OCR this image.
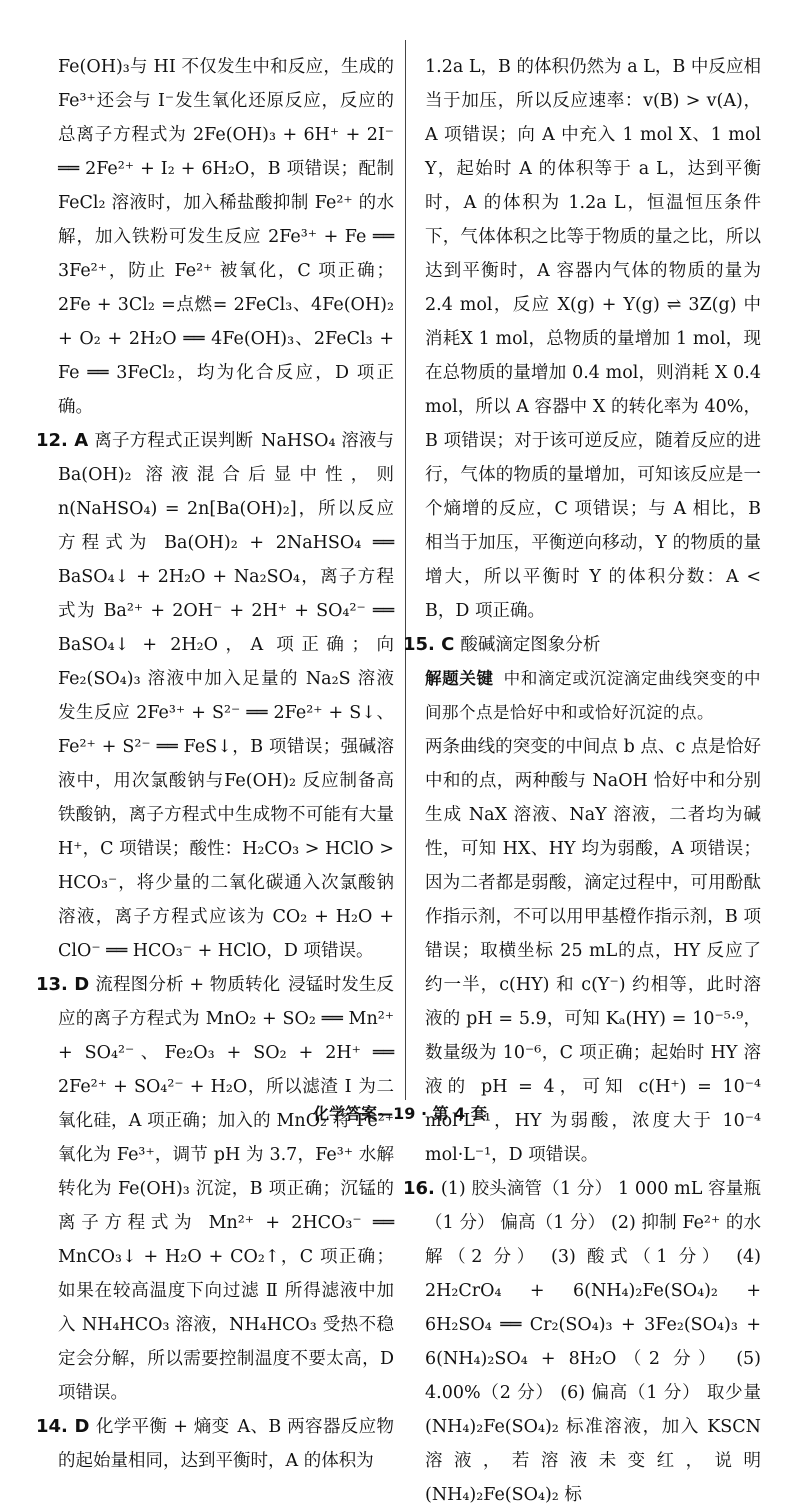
Fe(OH)₃与 HI 不仅发生中和反应，生成的 Fe³⁺还会与 I⁻发生氧化还原反应，反应的总离子方程式为 2Fe(OH)₃ + 6H⁺ + 2I⁻ ══ 2Fe²⁺ + I₂ + 6H₂O，B 项错误；配制 FeCl₂ 溶液时，加入稀盐酸抑制 Fe²⁺ 的水解，加入铁粉可发生反应 2Fe³⁺ + Fe ══ 3Fe²⁺，防止 Fe²⁺ 被氧化，C 项正确；2Fe + 3Cl₂ =点燃= 2FeCl₃、4Fe(OH)₂ + O₂ + 2H₂O ══ 4Fe(OH)₃、2FeCl₃ + Fe ══ 3FeCl₂，均为化合反应，D 项正确。

12. A 离子方程式正误判断 NaHSO₄ 溶液与 Ba(OH)₂ 溶液混合后显中性，则 n(NaHSO₄) = 2n[Ba(OH)₂]，所以反应方程式为 Ba(OH)₂ + 2NaHSO₄ ══ BaSO₄↓ + 2H₂O + Na₂SO₄，离子方程式为 Ba²⁺ + 2OH⁻ + 2H⁺ + SO₄²⁻ ══ BaSO₄↓ + 2H₂O，A 项正确；向 Fe₂(SO₄)₃ 溶液中加入足量的 Na₂S 溶液发生反应 2Fe³⁺ + S²⁻ ══ 2Fe²⁺ + S↓、Fe²⁺ + S²⁻ ══ FeS↓，B 项错误；强碱溶液中，用次氯酸钠与Fe(OH)₂ 反应制备高铁酸钠，离子方程式中生成物不可能有大量 H⁺，C 项错误；酸性：H₂CO₃ > HClO > HCO₃⁻，将少量的二氧化碳通入次氯酸钠溶液，离子方程式应该为 CO₂ + H₂O + ClO⁻ ══ HCO₃⁻ + HClO，D 项错误。

13. D 流程图分析 + 物质转化 浸锰时发生反应的离子方程式为 MnO₂ + SO₂ ══ Mn²⁺ + SO₄²⁻、Fe₂O₃ + SO₂ + 2H⁺ ══ 2Fe²⁺ + SO₄²⁻ + H₂O，所以滤渣 Ⅰ 为二氧化硅，A 项正确；加入的 MnO₂ 将 Fe²⁺ 氧化为 Fe³⁺，调节 pH 为 3.7，Fe³⁺ 水解转化为 Fe(OH)₃ 沉淀，B 项正确；沉锰的离子方程式为 Mn²⁺ + 2HCO₃⁻ ══ MnCO₃↓ + H₂O + CO₂↑，C 项正确；如果在较高温度下向过滤 Ⅱ 所得滤液中加入 NH₄HCO₃ 溶液，NH₄HCO₃ 受热不稳定会分解，所以需要控制温度不要太高，D 项错误。

14. D 化学平衡 + 熵变 A、B 两容器反应物的起始量相同，达到平衡时，A 的体积为

1.2a L，B 的体积仍然为 a L，B 中反应相当于加压，所以反应速率：v(B) > v(A)，A 项错误；向 A 中充入 1 mol X、1 mol Y，起始时 A 的体积等于 a L，达到平衡时，A 的体积为 1.2a L，恒温恒压条件下，气体体积之比等于物质的量之比，所以达到平衡时，A 容器内气体的物质的量为 2.4 mol，反应 X(g) + Y(g) ⇌ 3Z(g) 中消耗X 1 mol，总物质的量增加 1 mol，现在总物质的量增加 0.4 mol，则消耗 X 0.4 mol，所以 A 容器中 X 的转化率为 40%，B 项错误；对于该可逆反应，随着反应的进行，气体的物质的量增加，可知该反应是一个熵增的反应，C 项错误；与 A 相比，B 相当于加压，平衡逆向移动，Y 的物质的量增大，所以平衡时 Y 的体积分数：A < B，D 项正确。

15. C 酸碱滴定图象分析

解题关键 中和滴定或沉淀滴定曲线突变的中间那个点是恰好中和或恰好沉淀的点。

两条曲线的突变的中间点 b 点、c 点是恰好中和的点，两种酸与 NaOH 恰好中和分别生成 NaX 溶液、NaY 溶液，二者均为碱性，可知 HX、HY 均为弱酸，A 项错误；因为二者都是弱酸，滴定过程中，可用酚酞作指示剂，不可以用甲基橙作指示剂，B 项错误；取横坐标 25 mL的点，HY 反应了约一半，c(HY) 和 c(Y⁻) 约相等，此时溶液的 pH = 5.9，可知 Kₐ(HY) = 10⁻⁵·⁹，数量级为 10⁻⁶，C 项正确；起始时 HY 溶液的 pH = 4，可知 c(H⁺) = 10⁻⁴ mol·L⁻¹，HY 为弱酸，浓度大于 10⁻⁴ mol·L⁻¹，D 项错误。

16. (1) 胶头滴管（1 分） 1 000 mL 容量瓶（1 分） 偏高（1 分） (2) 抑制 Fe²⁺ 的水解（2 分） (3) 酸式（1 分） (4) 2H₂CrO₄ + 6(NH₄)₂Fe(SO₄)₂ + 6H₂SO₄ ══ Cr₂(SO₄)₃ + 3Fe₂(SO₄)₃ + 6(NH₄)₂SO₄ + 8H₂O（2 分） (5) 4.00%（2 分） (6) 偏高（1 分） 取少量(NH₄)₂Fe(SO₄)₂ 标准溶液，加入 KSCN 溶液，若溶液未变红，说明(NH₄)₂Fe(SO₄)₂ 标

化学答案—19 · 第 4 套
